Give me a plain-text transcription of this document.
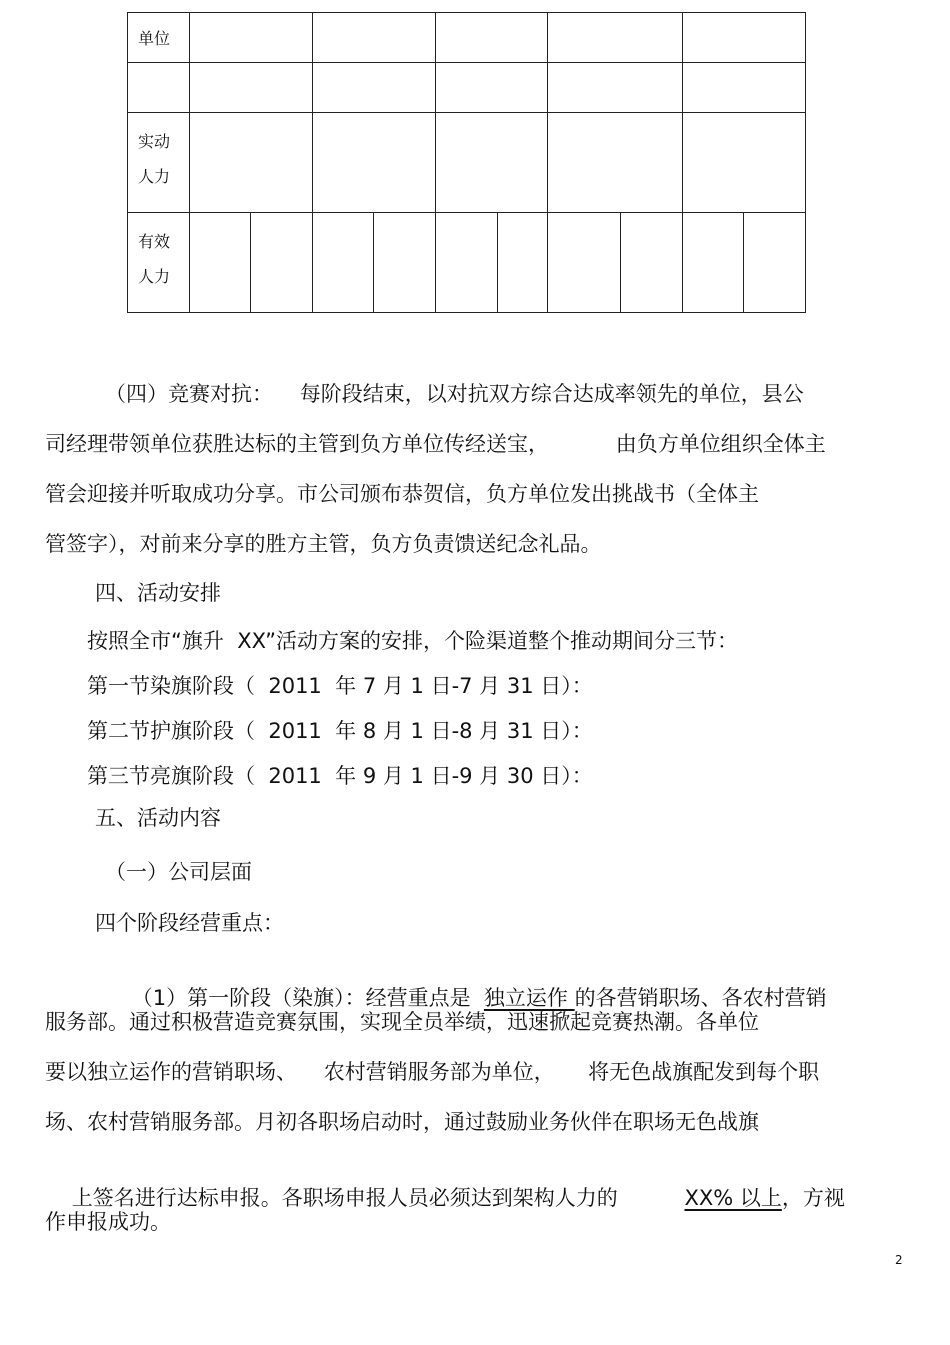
单位										

实动
人力										

有效
人力										

（四）竞赛对抗：    每阶段结束，以对抗双方综合达成率领先的单位，县公
司经理带领单位获胜达标的主管到负方单位传经送宝，          由负方单位组织全体主
管会迎接并听取成功分享。市公司颁布恭贺信，负方单位发出挑战书（全体主
管签字），对前来分享的胜方主管，负方负责馈送纪念礼品。
四、活动安排
按照全市“旗升  XX”活动方案的安排，个险渠道整个推动期间分三节：
第一节染旗阶段（  2011  年 7 月 1 日-7 月 31 日）：
第二节护旗阶段（  2011  年 8 月 1 日-8 月 31 日）：
第三节亮旗阶段（  2011  年 9 月 1 日-9 月 30 日）：
五、活动内容
（一）公司层面
四个阶段经营重点：

（1）第一阶段（染旗）：经营重点是  独立运作 的各营销职场、各农村营销

服务部。通过积极营造竞赛氛围，实现全员举绩，迅速掀起竞赛热潮。各单位
要以独立运作的营销职场、    农村营销服务部为单位，     将无色战旗配发到每个职
场、农村营销服务部。月初各职场启动时，通过鼓励业务伙伴在职场无色战旗

上签名进行达标申报。各职场申报人员必须达到架构人力的          XX% 以上，方视

作申报成功。
2
